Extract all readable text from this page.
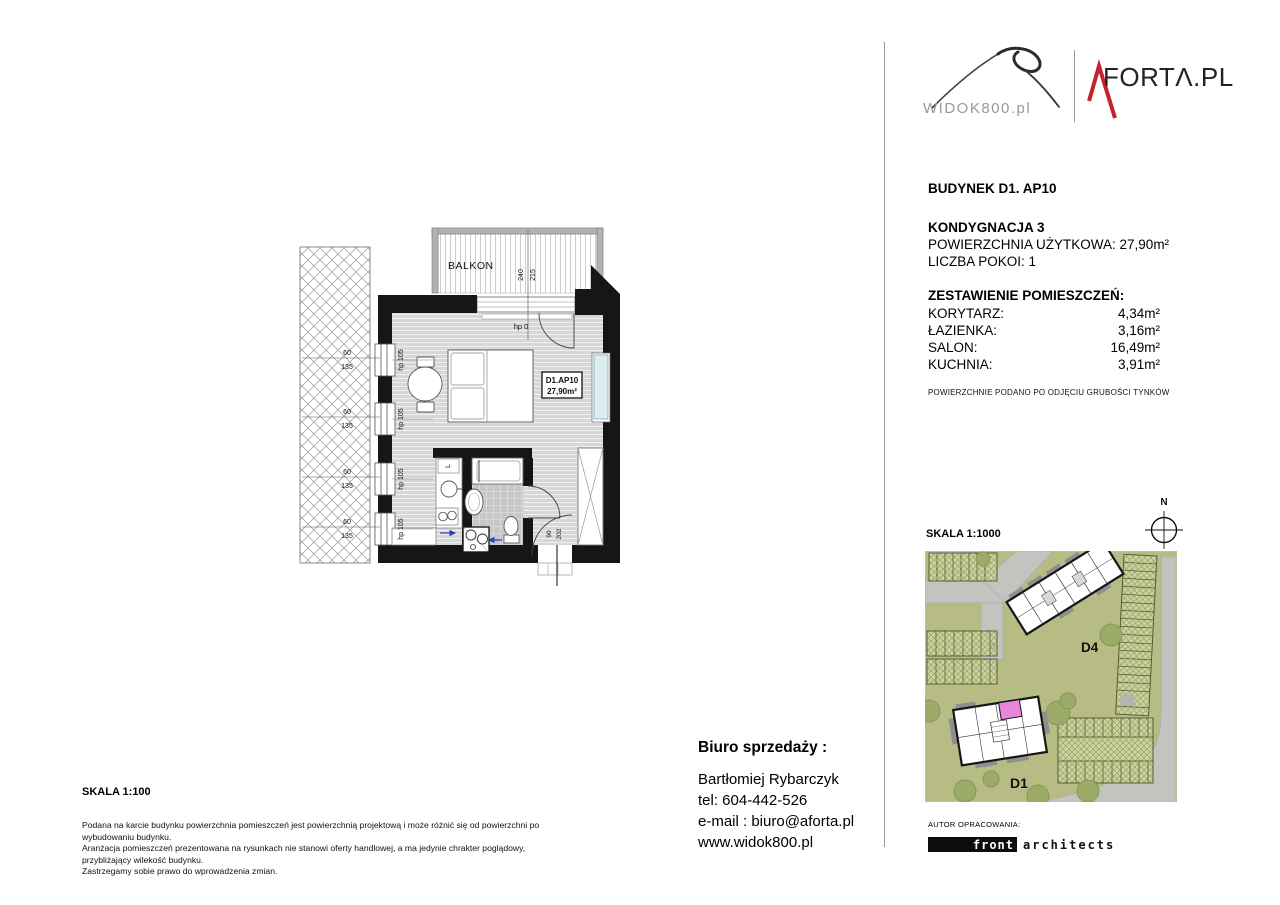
WIDOK800.pl
FORTΛ.PL
BUDYNEK D1. AP10
KONDYGNACJA 3
POWIERZCHNIA UŻYTKOWA: 27,90m²
LICZBA POKOI: 1
ZESTAWIENIE POMIESZCZEŃ:
KORYTARZ:	4,34m²
ŁAZIENKA:	3,16m²
SALON:	16,49m²
KUCHNIA:	3,91m²
POWIERZCHNIE PODANO PO ODJĘCIU GRUBOŚCI TYNKÓW
BALKON
L
D1.AP10
27,90m²
240 215
hp 0
60
135	hp 105
60
135	hp 105
60
135	hp 105
60
135	hp 105	90 202	SKALA 1:1000
N
D4
D1
SKALA 1:100
Podana na karcie budynku powierzchnia pomieszczeń jest powierzchnią projektową i może różnić się od powierzchni po wybudowaniu budynku.
Aranżacja pomieszczeń prezentowana na rysunkach nie stanowi oferty handlowej, a ma jedynie chrakter poglądowy, przybliżający wilekość budynku.
Zastrzegamy sobie prawo do wprowadzenia zmian.
Biuro sprzedaży :
Bartłomiej Rybarczyk
tel: 604-442-526
e-mail : biuro@aforta.pl
www.widok800.pl
AUTOR OPRACOWANIA:
front architects
